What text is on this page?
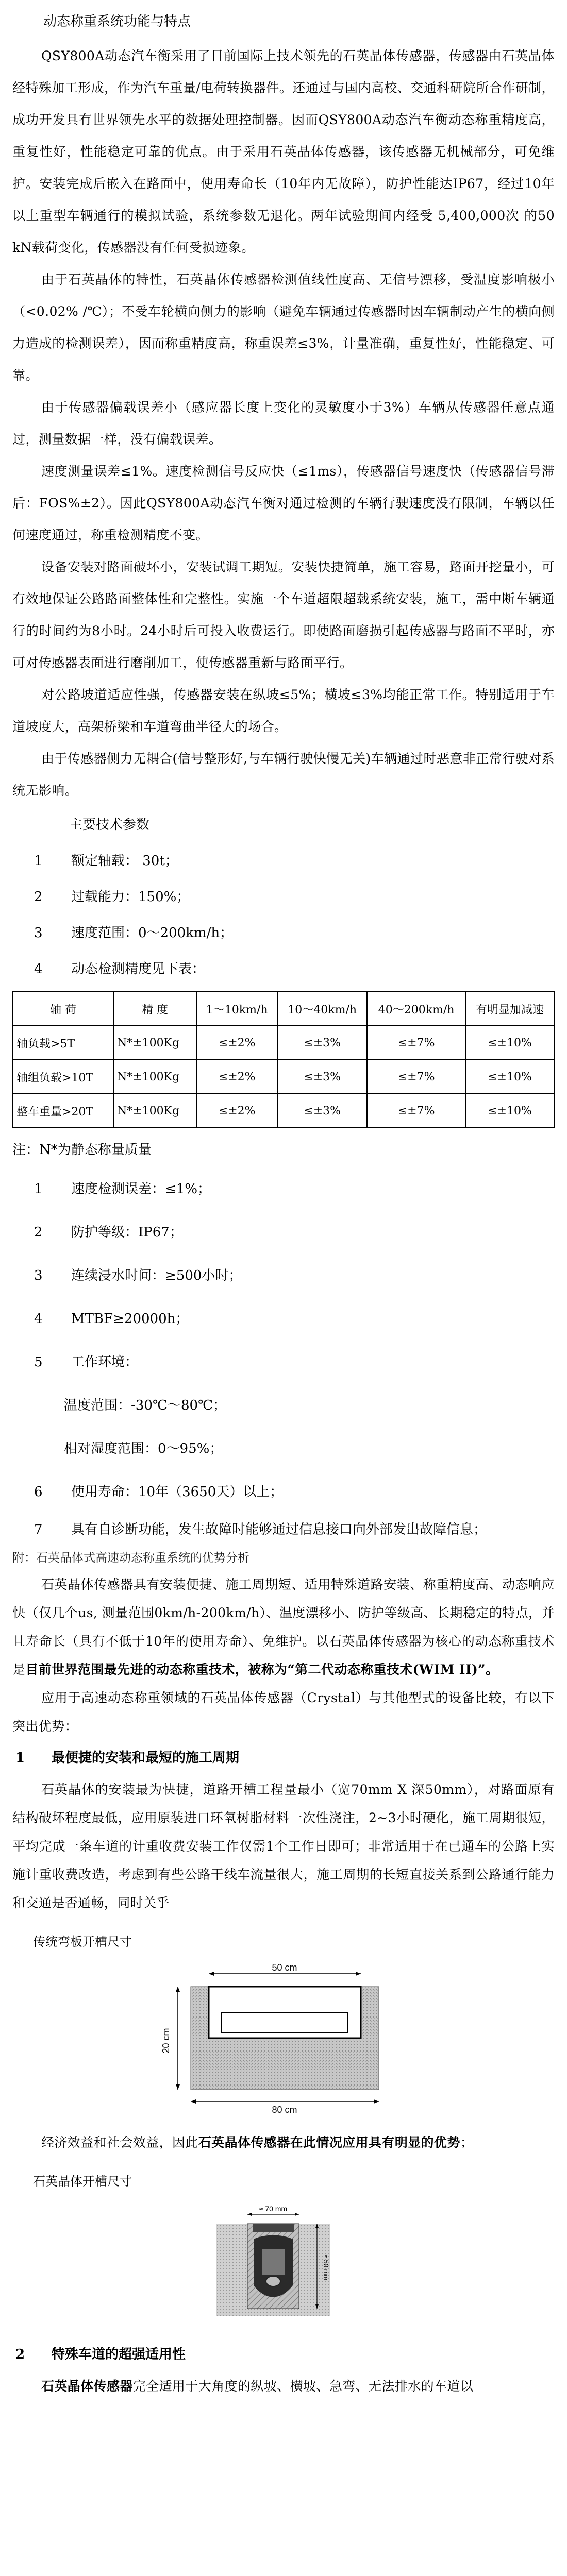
动态称重系统功能与特点

QSY800A动态汽车衡采用了目前国际上技术领先的石英晶体传感器，传感器由石英晶体经特殊加工形成，作为汽车重量/电荷转换器件。还通过与国内高校、交通科研院所合作研制，成功开发具有世界领先水平的数据处理控制器。因而QSY800A动态汽车衡动态称重精度高，重复性好，性能稳定可靠的优点。由于采用石英晶体传感器，该传感器无机械部分，可免维护。安装完成后嵌入在路面中，使用寿命长（10年内无故障），防护性能达IP67，经过10年以上重型车辆通行的模拟试验，系统参数无退化。两年试验期间内经受 5,400,000次 的50 kN载荷变化，传感器没有任何受损迹象。

由于石英晶体的特性，石英晶体传感器检测值线性度高、无信号漂移，受温度影响极小（<0.02% /℃）；不受车轮横向侧力的影响（避免车辆通过传感器时因车辆制动产生的横向侧力造成的检测误差），因而称重精度高，称重误差≤3%，计量准确，重复性好，性能稳定、可靠。

由于传感器偏载误差小（感应器长度上变化的灵敏度小于3%）车辆从传感器任意点通过，测量数据一样，没有偏载误差。

速度测量误差≤1%。速度检测信号反应快（≤1ms），传感器信号速度快（传感器信号滞后：FOS%±2）。因此QSY800A动态汽车衡对通过检测的车辆行驶速度没有限制，车辆以任何速度通过，称重检测精度不变。

设备安装对路面破坏小，安装试调工期短。安装快捷简单，施工容易，路面开挖量小，可有效地保证公路路面整体性和完整性。实施一个车道超限超载系统安装，施工，需中断车辆通行的时间约为8小时。24小时后可投入收费运行。即使路面磨损引起传感器与路面不平时，亦可对传感器表面进行磨削加工，使传感器重新与路面平行。

对公路坡道适应性强，传感器安装在纵坡≤5%；横坡≤3%均能正常工作。特别适用于车道坡度大，高架桥梁和车道弯曲半径大的场合。

由于传感器侧力无耦合(信号整形好,与车辆行驶快慢无关)车辆通过时恶意非正常行驶对系统无影响。

主要技术参数
1 额定轴载： 30t；
2 过载能力：150%；
3 速度范围：0～200km/h；
4 动态检测精度见下表：
轴 荷	精 度	1～10km/h	10～40km/h	40～200km/h	有明显加减速
轴负载>5T	N*±100Kg	≤±2%	≤±3%	≤±7%	≤±10%
轴组负载>10T	N*±100Kg	≤±2%	≤±3%	≤±7%	≤±10%
整车重量>20T	N*±100Kg	≤±2%	≤±3%	≤±7%	≤±10%
注：N*为静态称量质量
1 速度检测误差：≤1%；
2 防护等级：IP67；
3 连续浸水时间：≥500小时；
4 MTBF≥20000h；
5 工作环境：
温度范围：-30℃～80℃；
相对湿度范围：0～95%；
6 使用寿命：10年（3650天）以上；
7 具有自诊断功能，发生故障时能够通过信息接口向外部发出故障信息；
附：石英晶体式高速动态称重系统的优势分析

石英晶体传感器具有安装便捷、施工周期短、适用特殊道路安装、称重精度高、动态响应快（仅几个us, 测量范围0km/h-200km/h）、温度漂移小、防护等级高、长期稳定的特点，并且寿命长（具有不低于10年的使用寿命）、免维护。以石英晶体传感器为核心的动态称重技术是目前世界范围最先进的动态称重技术，被称为“第二代动态称重技术(WIM II)”。

应用于高速动态称重领域的石英晶体传感器（Crystal）与其他型式的设备比较，有以下突出优势：

1 最便捷的安装和最短的施工周期

石英晶体的安装最为快捷，道路开槽工程量最小（宽70mm X 深50mm），对路面原有结构破坏程度最低，应用原装进口环氧树脂材料一次性浇注，2~3小时硬化，施工周期很短，平均完成一条车道的计重收费安装工作仅需1个工作日即可；非常适用于在已通车的公路上实施计重收费改造，考虑到有些公路干线车流量很大，施工周期的长短直接关系到公路通行能力和交通是否通畅，同时关乎

传统弯板开槽尺寸
50 cm
20 cm
80 cm

经济效益和社会效益，因此石英晶体传感器在此情况应用具有明显的优势；

石英晶体开槽尺寸
≈ 70 mm
≈ 50 mm
2 特殊车道的超强适用性

石英晶体传感器完全适用于大角度的纵坡、横坡、急弯、无法排水的车道以
